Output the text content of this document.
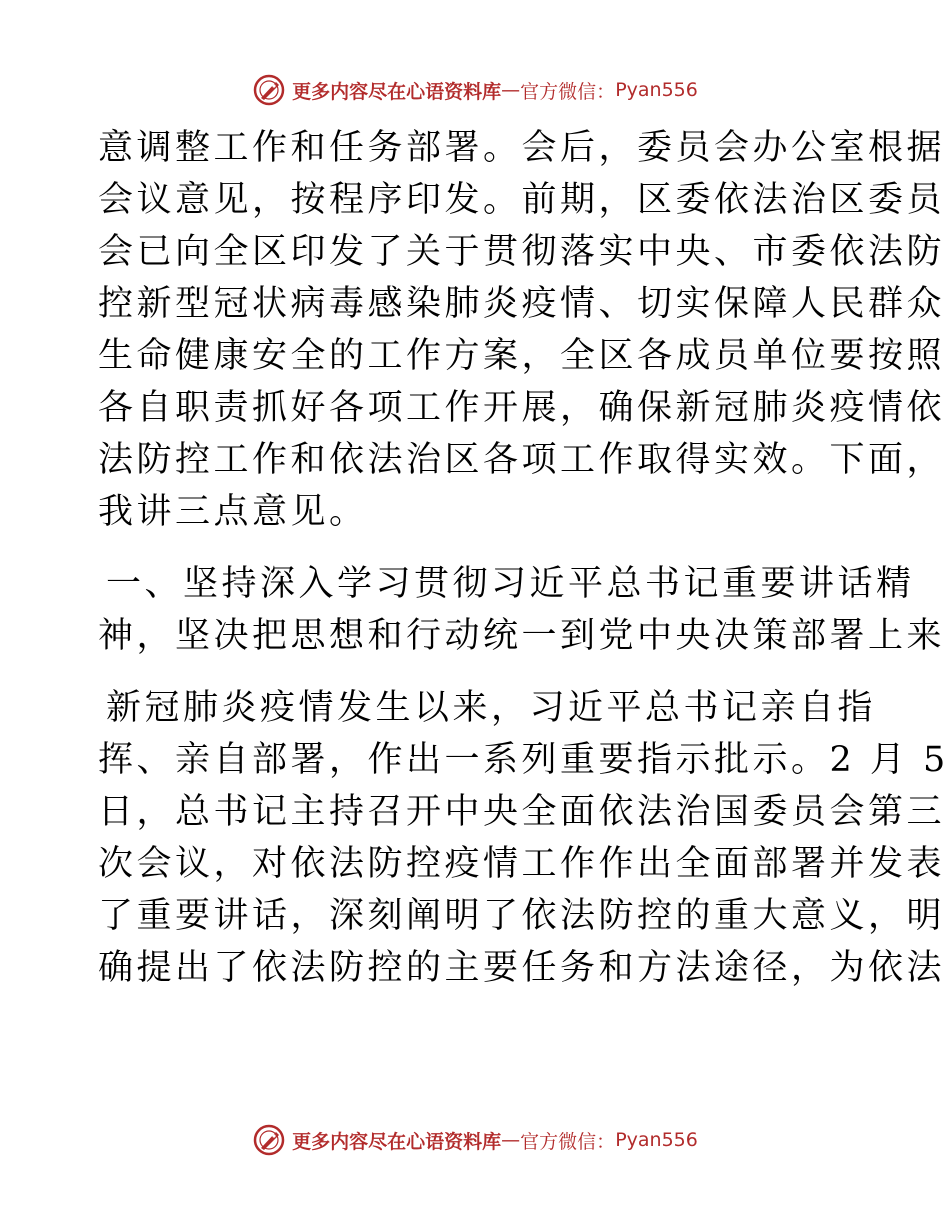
更多内容尽在心语资料库 — 官方微信： Pyan556
意调整工作和任务部署。会后，委员会办公室根据
会议意见，按程序印发。前期，区委依法治区委员
会已向全区印发了关于贯彻落实中央、市委依法防
控新型冠状病毒感染肺炎疫情、切实保障人民群众
生命健康安全的工作方案，全区各成员单位要按照
各自职责抓好各项工作开展，确保新冠肺炎疫情依
法防控工作和依法治区各项工作取得实效。下面，
我讲三点意见。
一、坚持深入学习贯彻习近平总书记重要讲话精
神，坚决把思想和行动统一到党中央决策部署上来
新冠肺炎疫情发生以来，习近平总书记亲自指
挥、亲自部署，作出一系列重要指示批示。2 月 5
日，总书记主持召开中央全面依法治国委员会第三
次会议，对依法防控疫情工作作出全面部署并发表
了重要讲话，深刻阐明了依法防控的重大意义，明
确提出了依法防控的主要任务和方法途径，为依法
更多内容尽在心语资料库 — 官方微信： Pyan556
